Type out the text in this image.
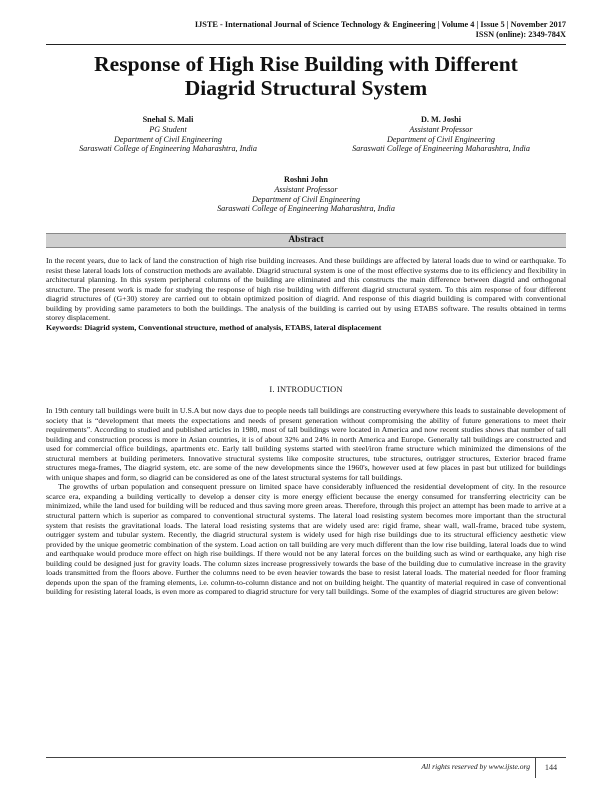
IJSTE - International Journal of Science Technology & Engineering | Volume 4 | Issue 5 | November 2017
ISSN (online): 2349-784X
Response of High Rise Building with Different
Diagrid Structural System
Snehal S. Mali
PG Student
Department of Civil Engineering
Saraswati College of Engineering Maharashtra, India
D. M. Joshi
Assistant Professor
Department of Civil Engineering
Saraswati College of Engineering Maharashtra, India
Roshni John
Assistant Professor
Department of Civil Engineering
Saraswati College of Engineering Maharashtra, India
Abstract

In the recent years, due to lack of land the construction of high rise building increases. And these buildings are affected by lateral loads due to wind or earthquake. To resist these lateral loads lots of construction methods are available. Diagrid structural system is one of the most effective systems due to its efficiency and flexibility in architectural planning. In this system peripheral columns of the building are eliminated and this constructs the main difference between diagrid and orthogonal structure. The present work is made for studying the response of high rise building with different diagrid structural system. To this aim response of four different diagrid structures of (G+30) storey are carried out to obtain optimized position of diagrid. And response of this diagrid building is compared with conventional building by providing same parameters to both the buildings. The analysis of the building is carried out by using ETABS software. The results obtained in terms storey displacement.

Keywords: Diagrid system, Conventional structure, method of analysis, ETABS, lateral displacement

I. INTRODUCTION

In 19th century tall buildings were built in U.S.A but now days due to people needs tall buildings are constructing everywhere this leads to sustainable development of society that is “development that meets the expectations and needs of present generation without compromising the ability of future generations to meet their requirements”. According to studied and published articles in 1980, most of tall buildings were located in America and now recent studies shows that number of tall building and construction process is more in Asian countries, it is of about 32% and 24% in north America and Europe. Generally tall buildings are constructed and used for commercial office buildings, apartments etc. Early tall building systems started with steel/iron frame structure which minimized the dimensions of the structural members at building perimeters. Innovative structural systems like composite structures, tube structures, outrigger structures, Exterior braced frame structures mega-frames, The diagrid system, etc. are some of the new developments since the 1960's, however used at few places in past but utilized for buildings with unique shapes and form, so diagrid can be considered as one of the latest structural systems for tall buildings.

The growths of urban population and consequent pressure on limited space have considerably influenced the residential development of city. In the resource scarce era, expanding a building vertically to develop a denser city is more energy efficient because the energy consumed for transferring electricity can be minimized, while the land used for building will be reduced and thus saving more green areas. Therefore, through this project an attempt has been made to arrive at a structural pattern which is superior as compared to conventional structural systems. The lateral load resisting system becomes more important than the structural system that resists the gravitational loads. The lateral load resisting systems that are widely used are: rigid frame, shear wall, wall-frame, braced tube system, outrigger system and tubular system. Recently, the diagrid structural system is widely used for high rise buildings due to its structural efficiency aesthetic view provided by the unique geometric combination of the system. Load action on tall building are very much different than the low rise building, lateral loads due to wind and earthquake would produce more effect on high rise buildings. If there would not be any lateral forces on the building such as wind or earthquake, any high rise building could be designed just for gravity loads. The column sizes increase progressively towards the base of the building due to cumulative increase in the gravity loads transmitted from the floors above. Further the columns need to be even heavier towards the base to resist lateral loads. The material needed for floor framing depends upon the span of the framing elements, i.e. column-to-column distance and not on building height. The quantity of material required in case of conventional building for resisting lateral loads, is even more as compared to diagrid structure for very tall buildings. Some of the examples of diagrid structures are given below:

All rights reserved by www.ijste.org	144
